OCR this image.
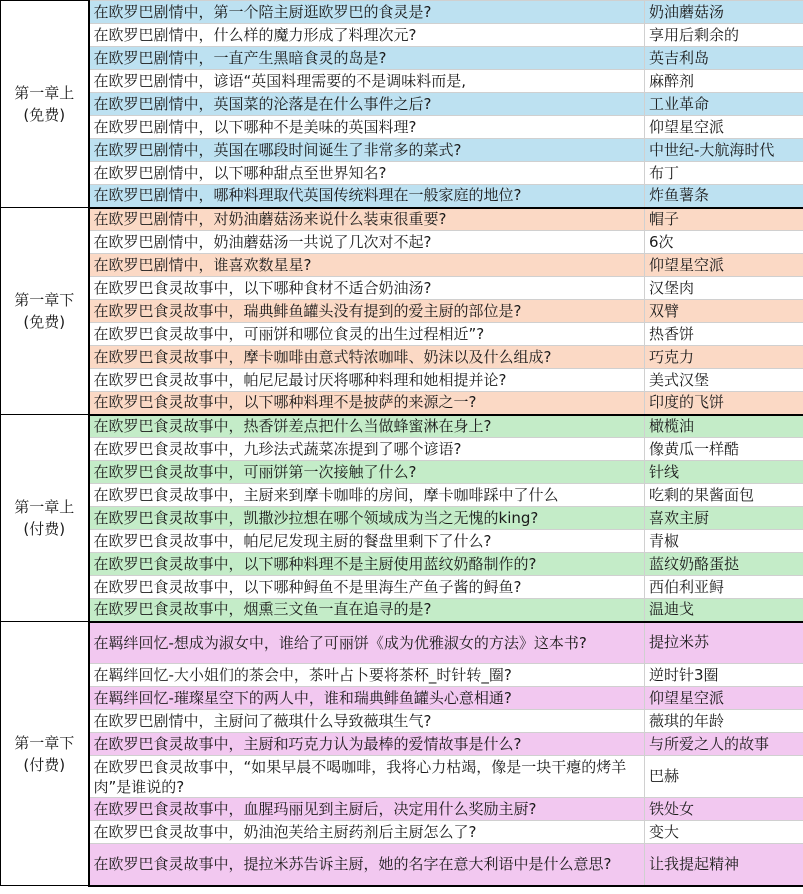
第一章上
(免费)	在欧罗巴剧情中，第一个陪主厨逛欧罗巴的食灵是?	奶油蘑菇汤
	在欧罗巴剧情中，什么样的魔力形成了料理次元?	享用后剩余的
	在欧罗巴剧情中，一直产生黑暗食灵的岛是?	英吉利岛
	在欧罗巴剧情中，谚语“英国料理需要的不是调味料而是,	麻醉剂
	在欧罗巴剧情中，英国菜的沦落是在什么事件之后?	工业革命
	在欧罗巴剧情中，以下哪种不是美味的英国料理?	仰望星空派
	在欧罗巴剧情中，英国在哪段时间诞生了非常多的菜式?	中世纪-大航海时代
	在欧罗巴剧情中，以下哪种甜点至世界知名?	布丁
	在欧罗巴剧情中，哪种料理取代英国传统料理在一般家庭的地位?	炸鱼薯条

第一章下
(免费)	在欧罗巴剧情中，对奶油蘑菇汤来说什么装束很重要?	帽子
	在欧罗巴剧情中，奶油蘑菇汤一共说了几次对不起?	6次
	在欧罗巴剧情中，谁喜欢数星星?	仰望星空派
	在欧罗巴食灵故事中，以下哪种食材不适合奶油汤?	汉堡肉
	在欧罗巴食灵故事中，瑞典鲱鱼罐头没有提到的爱主厨的部位是?	双臂
	在欧罗巴食灵故事中，可丽饼和哪位食灵的出生过程相近”?	热香饼
	在欧罗巴食灵故事中，摩卡咖啡由意式特浓咖啡、奶沫以及什么组成?	巧克力
	在欧罗巴食灵故事中，帕尼尼最讨厌将哪种料理和她相提并论?	美式汉堡
	在欧罗巴食灵故事中，以下哪种料理不是披萨的来源之一?	印度的飞饼

第一章上
(付费)	在欧罗巴食灵故事中，热香饼差点把什么当做蜂蜜淋在身上?	橄榄油
	在欧罗巴食灵故事中，九珍法式蔬菜冻提到了哪个谚语?	像黄瓜一样酷
	在欧罗巴食灵故事中，可丽饼第一次接触了什么?	针线
	在欧罗巴食灵故事中，主厨来到摩卡咖啡的房间，摩卡咖啡踩中了什么	吃剩的果酱面包
	在欧罗巴食灵故事中，凯撒沙拉想在哪个领域成为当之无愧的king?	喜欢主厨
	在欧罗巴食灵故事中，帕尼尼发现主厨的餐盘里剩下了什么?	青椒
	在欧罗巴食灵故事中，以下哪种料理不是主厨使用蓝纹奶酪制作的?	蓝纹奶酪蛋挞
	在欧罗巴食灵故事中，以下哪种鲟鱼不是里海生产鱼子酱的鲟鱼?	西伯利亚鲟
	在欧罗巴食灵故事中，烟熏三文鱼一直在追寻的是?	温迪戈

第一章下
(付费)	在羁绊回忆-想成为淑女中，谁给了可丽饼《成为优雅淑女的方法》这本书?	提拉米苏
	在羁绊回忆-大小姐们的茶会中，茶叶占卜要将茶杯_时针转_圈?	逆时针3圈
	在羁绊回忆-璀璨星空下的两人中，谁和瑞典鲱鱼罐头心意相通?	仰望星空派
	在欧罗巴剧情中，主厨问了薇琪什么导致薇琪生气?	薇琪的年龄
	在欧罗巴食灵故事中，主厨和巧克力认为最棒的爱情故事是什么?	与所爱之人的故事
	在欧罗巴食灵故事中，“如果早晨不喝咖啡，我将心力枯竭，像是一块干瘪的烤羊肉”是谁说的?	巴赫
	在欧罗巴食灵故事中，血腥玛丽见到主厨后，决定用什么奖励主厨?	铁处女
	在欧罗巴食灵故事中，奶油泡芙给主厨药剂后主厨怎么了?	变大
	在欧罗巴食灵故事中，提拉米苏告诉主厨，她的名字在意大利语中是什么意思?	让我提起精神
